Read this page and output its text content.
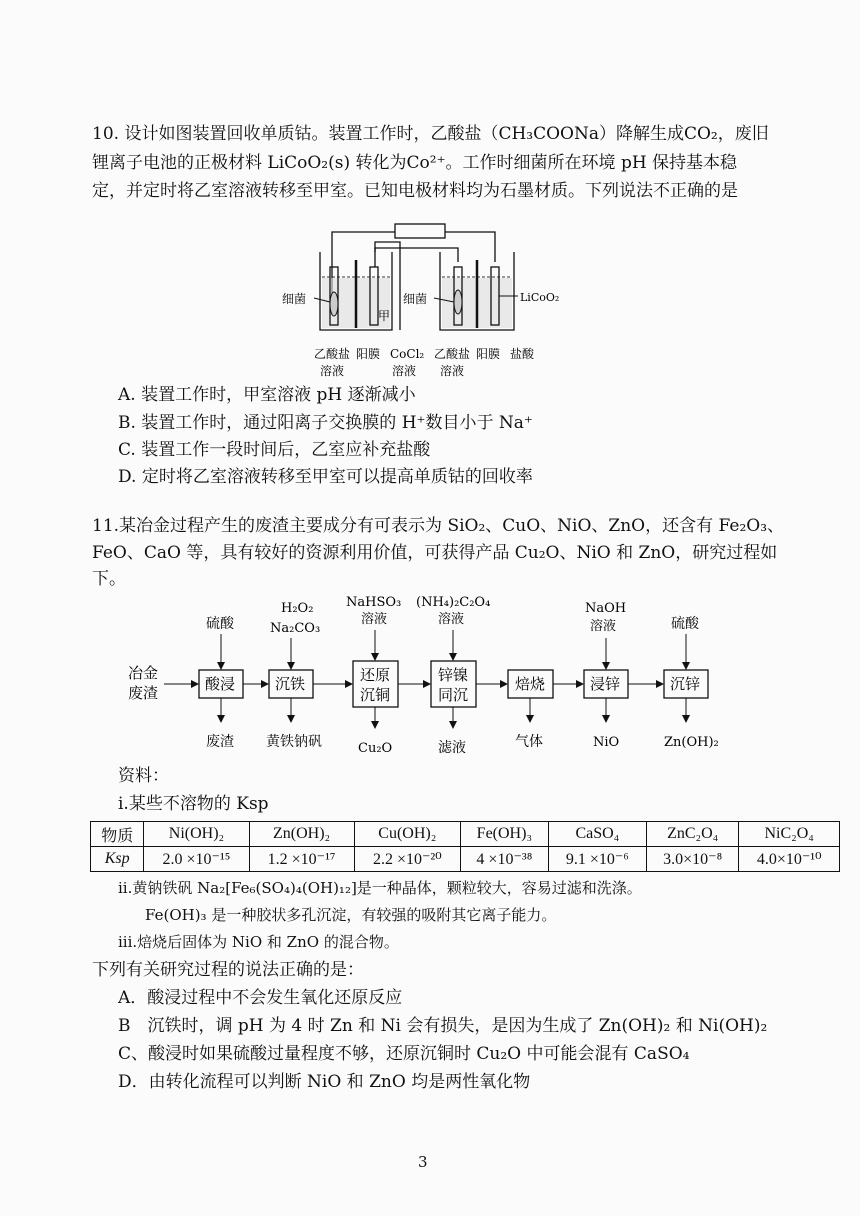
10. 设计如图装置回收单质钴。装置工作时，乙酸盐（CH₃COONa）降解生成CO₂，废旧
锂离子电池的正极材料 LiCoO₂(s) 转化为Co²⁺。工作时细菌所在环境 pH 保持基本稳
定，并定时将乙室溶液转移至甲室。已知电极材料均为石墨材质。下列说法不正确的是
细菌	细菌	LiCoO₂
甲
乙酸盐
溶液
阳膜 CoCl₂
溶液
乙酸盐
溶液
阳膜 盐酸
A. 装置工作时，甲室溶液 pH 逐渐减小
B. 装置工作时，通过阳离子交换膜的 H⁺数目小于 Na⁺
C. 装置工作一段时间后，乙室应补充盐酸
D. 定时将乙室溶液转移至甲室可以提高单质钴的回收率
11.某冶金过程产生的废渣主要成分有可表示为 SiO₂、CuO、NiO、ZnO，还含有 Fe₂O₃、
FeO、CaO 等，具有较好的资源利用价值，可获得产品 Cu₂O、NiO 和 ZnO，研究过程如
下。
冶金
废渣	酸浸	沉铁	还原
沉铜
锌镍
同沉
焙烧	浸锌	沉锌
硫酸
H₂O₂
Na₂CO₃
NaHSO₃
溶液
(NH₄)₂C₂O₄
溶液
NaOH
溶液	硫酸
废渣 黄铁钠矾	Cu₂O	滤液	气体	NiO	Zn(OH)₂
资料：
i.某些不溶物的 Ksp
物质	Ni(OH)₂	Zn(OH)₂	Cu(OH)₂	Fe(OH)₃	CaSO₄	ZnC₂O₄	NiC₂O₄
Ksp	2.0 ×10⁻¹⁵	1.2 ×10⁻¹⁷	2.2 ×10⁻²⁰	4 ×10⁻³⁸	9.1 ×10⁻⁶	3.0×10⁻⁸	4.0×10⁻¹⁰
ii.黄钠铁矾 Na₂[Fe₆(SO₄)₄(OH)₁₂]是一种晶体，颗粒较大，容易过滤和洗涤。
Fe(OH)₃ 是一种胶状多孔沉淀，有较强的吸附其它离子能力。
iii.焙烧后固体为 NiO 和 ZnO 的混合物。
下列有关研究过程的说法正确的是：
A．酸浸过程中不会发生氧化还原反应
B　沉铁时，调 pH 为 4 时 Zn 和 Ni 会有损失，是因为生成了 Zn(OH)₂ 和 Ni(OH)₂
C、酸浸时如果硫酸过量程度不够，还原沉铜时 Cu₂O 中可能会混有 CaSO₄
D．由转化流程可以判断 NiO 和 ZnO 均是两性氧化物
3
